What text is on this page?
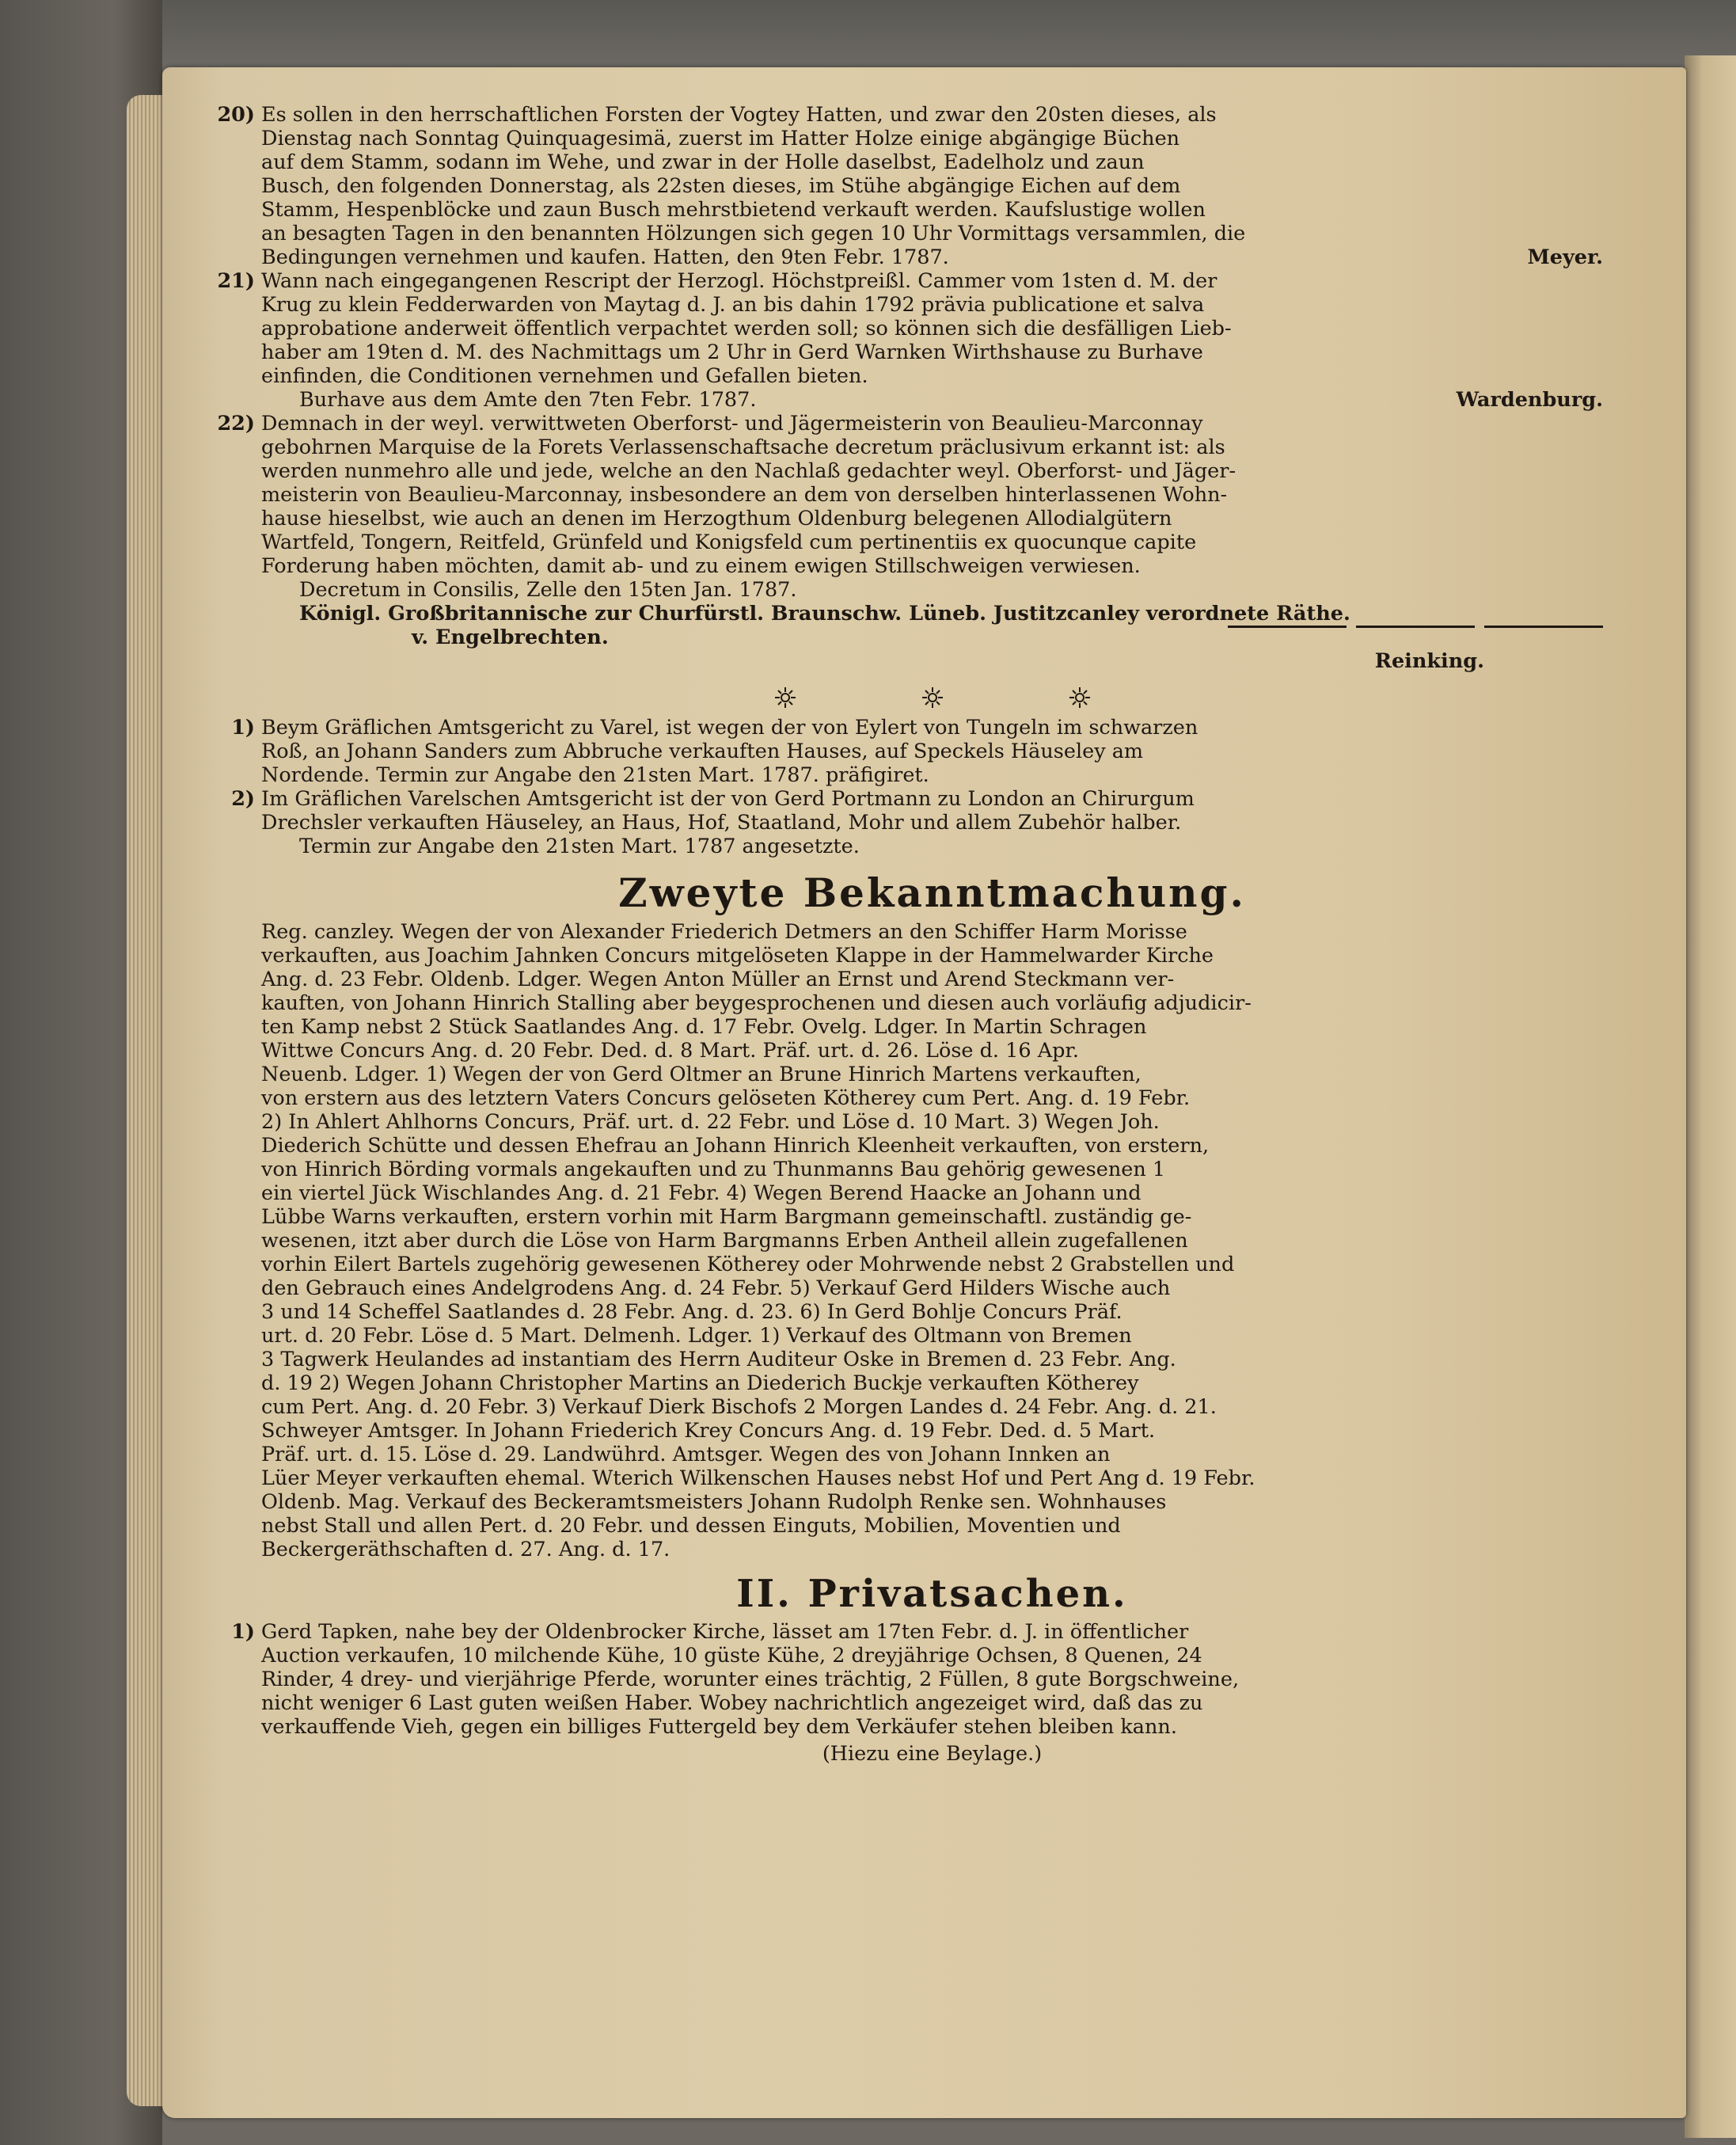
20) Es sollen in den herrschaftlichen Forsten der Vogtey Hatten, und zwar den 20sten dieses, als

Dienstag nach Sonntag Quinquagesimä, zuerst im Hatter Holze einige abgängige Büchen

auf dem Stamm, sodann im Wehe, und zwar in der Holle daselbst, Eadelholz und zaun

Busch, den folgenden Donnerstag, als 22sten dieses, im Stühe abgängige Eichen auf dem

Stamm, Hespenblöcke und zaun Busch mehrstbietend verkauft werden. Kaufslustige wollen

an besagten Tagen in den benannten Hölzungen sich gegen 10 Uhr Vormittags versammlen, die

Bedingungen vernehmen und kaufen. Hatten, den 9ten Febr. 1787.	Meyer.
21) Wann nach eingegangenen Rescript der Herzogl. Höchstpreißl. Cammer vom 1sten d. M. der

Krug zu klein Fedderwarden von Maytag d. J. an bis dahin 1792 prävia publicatione et salva

approbatione anderweit öffentlich verpachtet werden soll; so können sich die desfälligen Lieb-

haber am 19ten d. M. des Nachmittags um 2 Uhr in Gerd Warnken Wirthshause zu Burhave

einfinden, die Conditionen vernehmen und Gefallen bieten.

Burhave aus dem Amte den 7ten Febr. 1787.	Wardenburg.
22) Demnach in der weyl. verwittweten Oberforst- und Jägermeisterin von Beaulieu-Marconnay

gebohrnen Marquise de la Forets Verlassenschaftsache decretum präclusivum erkannt ist: als

werden nunmehro alle und jede, welche an den Nachlaß gedachter weyl. Oberforst- und Jäger-

meisterin von Beaulieu-Marconnay, insbesondere an dem von derselben hinterlassenen Wohn-

hause hieselbst, wie auch an denen im Herzogthum Oldenburg belegenen Allodialgütern

Wartfeld, Tongern, Reitfeld, Grünfeld und Konigsfeld cum pertinentiis ex quocunque capite

Forderung haben möchten, damit ab- und zu einem ewigen Stillschweigen verwiesen.

Decretum in Consilis, Zelle den 15ten Jan. 1787.

Königl. Großbritannische zur Churfürstl. Braunschw. Lüneb. Justitzcanley verordnete Räthe.

v. Engelbrechten.
Reinking.
1) Beym Gräflichen Amtsgericht zu Varel, ist wegen der von Eylert von Tungeln im schwarzen

Roß, an Johann Sanders zum Abbruche verkauften Hauses, auf Speckels Häuseley am

Nordende. Termin zur Angabe den 21sten Mart. 1787. präfigiret.

2) Im Gräflichen Varelschen Amtsgericht ist der von Gerd Portmann zu London an Chirurgum

Drechsler verkauften Häuseley, an Haus, Hof, Staatland, Mohr und allem Zubehör halber.

Termin zur Angabe den 21sten Mart. 1787 angesetzte.

Zweyte Bekanntmachung.

Reg. canzley. Wegen der von Alexander Friederich Detmers an den Schiffer Harm Morisse

verkauften, aus Joachim Jahnken Concurs mitgelöseten Klappe in der Hammelwarder Kirche

Ang. d. 23 Febr. Oldenb. Ldger. Wegen Anton Müller an Ernst und Arend Steckmann ver-

kauften, von Johann Hinrich Stalling aber beygesprochenen und diesen auch vorläufig adjudicir-

ten Kamp nebst 2 Stück Saatlandes Ang. d. 17 Febr. Ovelg. Ldger. In Martin Schragen

Wittwe Concurs Ang. d. 20 Febr. Ded. d. 8 Mart. Präf. urt. d. 26. Löse d. 16 Apr.

Neuenb. Ldger. 1) Wegen der von Gerd Oltmer an Brune Hinrich Martens verkauften,

von erstern aus des letztern Vaters Concurs gelöseten Kötherey cum Pert. Ang. d. 19 Febr.

2) In Ahlert Ahlhorns Concurs, Präf. urt. d. 22 Febr. und Löse d. 10 Mart. 3) Wegen Joh.

Diederich Schütte und dessen Ehefrau an Johann Hinrich Kleenheit verkauften, von erstern,

von Hinrich Börding vormals angekauften und zu Thunmanns Bau gehörig gewesenen 1

ein viertel Jück Wischlandes Ang. d. 21 Febr. 4) Wegen Berend Haacke an Johann und

Lübbe Warns verkauften, erstern vorhin mit Harm Bargmann gemeinschaftl. zuständig ge-

wesenen, itzt aber durch die Löse von Harm Bargmanns Erben Antheil allein zugefallenen

vorhin Eilert Bartels zugehörig gewesenen Kötherey oder Mohrwende nebst 2 Grabstellen und

den Gebrauch eines Andelgrodens Ang. d. 24 Febr. 5) Verkauf Gerd Hilders Wische auch

3 und 14 Scheffel Saatlandes d. 28 Febr. Ang. d. 23. 6) In Gerd Bohlje Concurs Präf.

urt. d. 20 Febr. Löse d. 5 Mart. Delmenh. Ldger. 1) Verkauf des Oltmann von Bremen

3 Tagwerk Heulandes ad instantiam des Herrn Auditeur Oske in Bremen d. 23 Febr. Ang.

d. 19 2) Wegen Johann Christopher Martins an Diederich Buckje verkauften Kötherey

cum Pert. Ang. d. 20 Febr. 3) Verkauf Dierk Bischofs 2 Morgen Landes d. 24 Febr. Ang. d. 21.

Schweyer Amtsger. In Johann Friederich Krey Concurs Ang. d. 19 Febr. Ded. d. 5 Mart.

Präf. urt. d. 15. Löse d. 29. Landwührd. Amtsger. Wegen des von Johann Innken an

Lüer Meyer verkauften ehemal. Wterich Wilkenschen Hauses nebst Hof und Pert Ang d. 19 Febr.

Oldenb. Mag. Verkauf des Beckeramtsmeisters Johann Rudolph Renke sen. Wohnhauses

nebst Stall und allen Pert. d. 20 Febr. und dessen Einguts, Mobilien, Moventien und

Beckergeräthschaften d. 27. Ang. d. 17.

II. Privatsachen.
1) Gerd Tapken, nahe bey der Oldenbrocker Kirche, lässet am 17ten Febr. d. J. in öffentlicher

Auction verkaufen, 10 milchende Kühe, 10 güste Kühe, 2 dreyjährige Ochsen, 8 Quenen, 24

Rinder, 4 drey- und vierjährige Pferde, worunter eines trächtig, 2 Füllen, 8 gute Borgschweine,

nicht weniger 6 Last guten weißen Haber. Wobey nachrichtlich angezeiget wird, daß das zu

verkauffende Vieh, gegen ein billiges Futtergeld bey dem Verkäufer stehen bleiben kann.

(Hiezu eine Beylage.)
